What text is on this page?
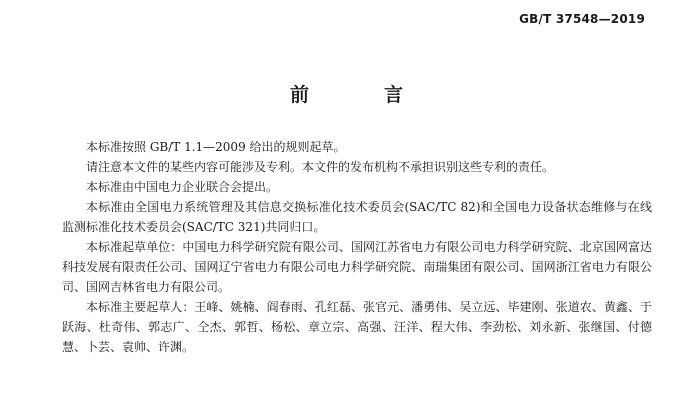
GB/T 37548—2019
前　言

本标准按照 GB/T 1.1—2009 给出的规则起草。

请注意本文件的某些内容可能涉及专利。本文件的发布机构不承担识别这些专利的责任。

本标准由中国电力企业联合会提出。

本标准由全国电力系统管理及其信息交换标准化技术委员会(SAC/TC 82)和全国电力设备状态维修与在线监测标准化技术委员会(SAC/TC 321)共同归口。

本标准起草单位：中国电力科学研究院有限公司、国网江苏省电力有限公司电力科学研究院、北京国网富达科技发展有限责任公司、国网辽宁省电力有限公司电力科学研究院、南瑞集团有限公司、国网浙江省电力有限公司、国网吉林省电力有限公司。

本标准主要起草人：王峰、姚楠、阎春雨、孔红磊、张官元、潘勇伟、吴立远、毕建刚、张道农、黄鑫、于跃海、杜奇伟、郭志广、仝杰、郭哲、杨松、章立宗、高强、汪洋、程大伟、李劲松、刘永新、张继国、付德慧、卜芸、袁帅、许渊。
